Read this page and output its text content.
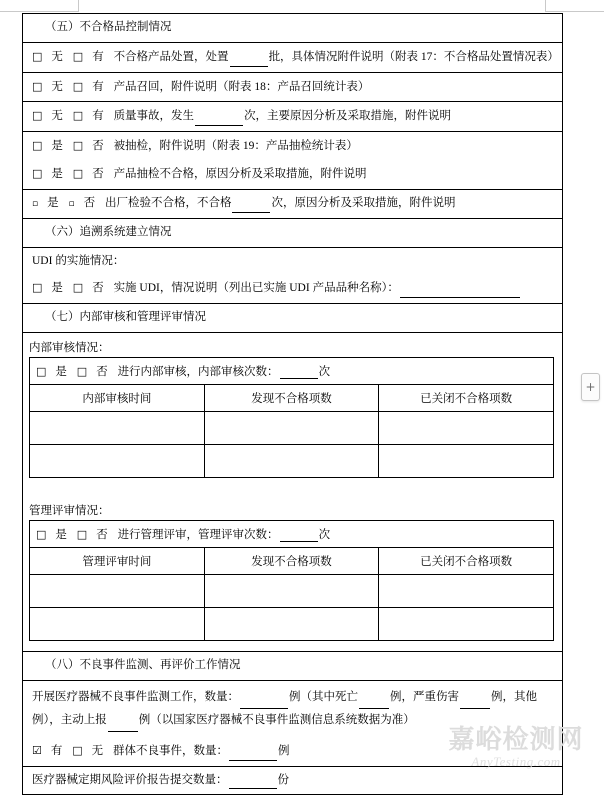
（五）不合格品控制情况

□ 无 □ 有 不合格产品处置，处置	批，具体情况附件说明（附表 17：不合格品处置情况表）

□ 无 □ 有 产品召回，附件说明（附表 18：产品召回统计表）

□ 无 □ 有 质量事故，发生	次，主要原因分析及采取措施，附件说明

□ 是 □ 否 被抽检，附件说明（附表 19：产品抽检统计表）
□ 是 □ 否 产品抽检不合格，原因分析及采取措施，附件说明

▫ 是 ▫ 否 出厂检验不合格，不合格	次，原因分析及采取措施，附件说明

（六）追溯系统建立情况

UDI 的实施情况：
□ 是 □ 否 实施 UDI，情况说明（列出已实施 UDI 产品品种名称）：

（七）内部审核和管理评审情况

内部审核情况：
□ 是 □ 否 进行内部审核，内部审核次数：	次
内部审核时间	发现不合格项数	已关闭不合格项数

管理评审情况：
□ 是 □ 否 进行管理评审，管理评审次数：	次
管理评审时间	发现不合格项数	已关闭不合格项数

（八）不良事件监测、再评价工作情况

开展医疗器械不良事件监测工作，数量：	例（其中死亡	例，严重伤害	例，其他例），主动上报	例（以国家医疗器械不良事件监测信息系统数据为准）
☑ 有 □ 无 群体不良事件，数量：	例

医疗器械定期风险评价报告提交数量：	份
+
嘉峪检测网
AnyTesting.com
